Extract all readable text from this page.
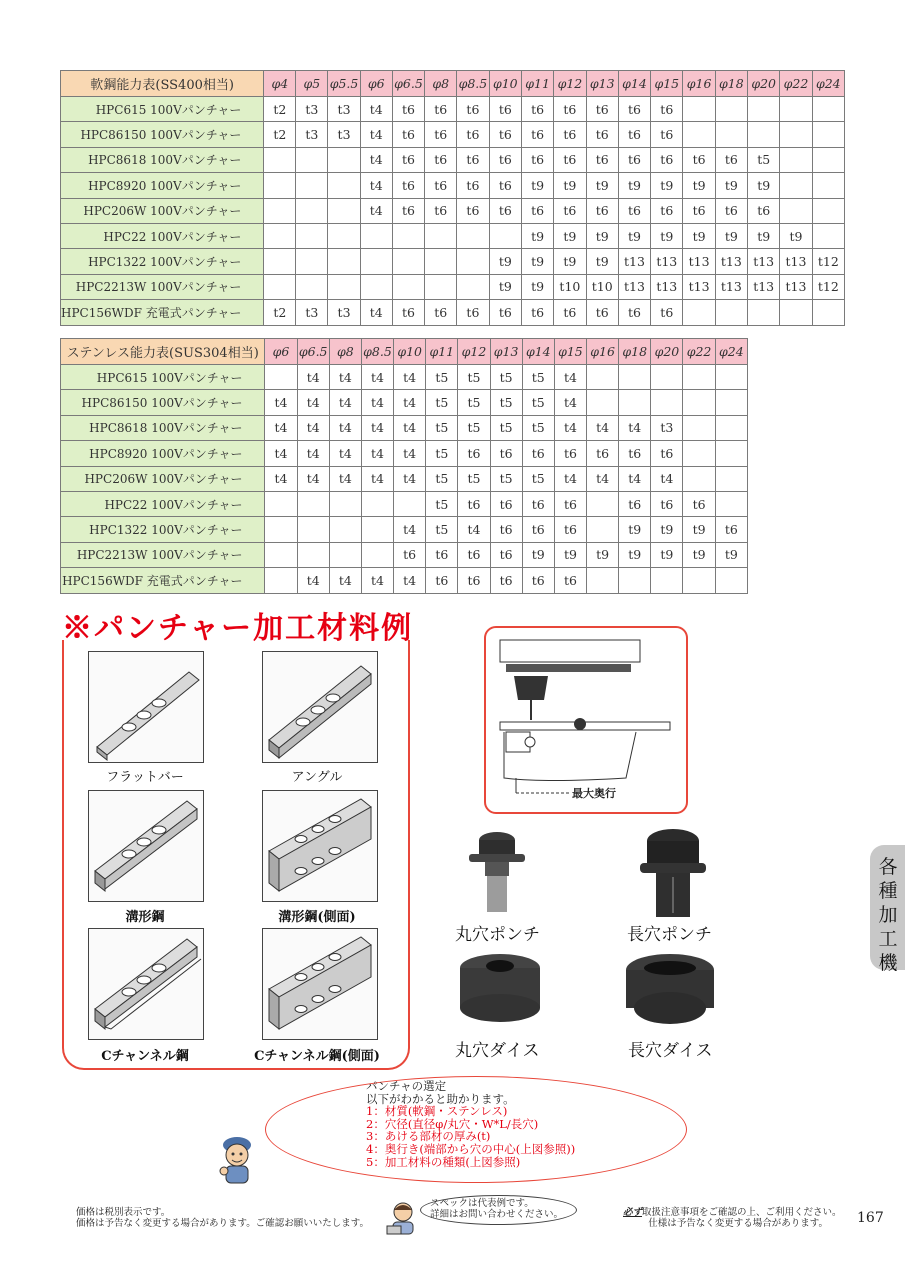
軟鋼能力表(SS400相当)	φ4	φ5	φ5.5	φ6	φ6.5	φ8	φ8.5	φ10	φ11	φ12	φ13	φ14	φ15	φ16	φ18	φ20	φ22	φ24
HPC615 100Vパンチャー	t2	t3	t3	t4	t6	t6	t6	t6	t6	t6	t6	t6	t6					
HPC86150 100Vパンチャー	t2	t3	t3	t4	t6	t6	t6	t6	t6	t6	t6	t6	t6					
HPC8618 100Vパンチャー				t4	t6	t6	t6	t6	t6	t6	t6	t6	t6	t6	t6	t5		
HPC8920 100Vパンチャー				t4	t6	t6	t6	t6	t9	t9	t9	t9	t9	t9	t9	t9		
HPC206W 100Vパンチャー				t4	t6	t6	t6	t6	t6	t6	t6	t6	t6	t6	t6	t6		
HPC22 100Vパンチャー									t9	t9	t9	t9	t9	t9	t9	t9	t9	
HPC1322 100Vパンチャー								t9	t9	t9	t9	t13	t13	t13	t13	t13	t13	t12
HPC2213W 100Vパンチャー								t9	t9	t10	t10	t13	t13	t13	t13	t13	t13	t12
HPC156WDF 充電式パンチャー	t2	t3	t3	t4	t6	t6	t6	t6	t6	t6	t6	t6	t6					
ステンレス能力表(SUS304相当)	φ6	φ6.5	φ8	φ8.5	φ10	φ11	φ12	φ13	φ14	φ15	φ16	φ18	φ20	φ22	φ24
HPC615 100Vパンチャー		t4	t4	t4	t4	t5	t5	t5	t5	t4					
HPC86150 100Vパンチャー	t4	t4	t4	t4	t4	t5	t5	t5	t5	t4					
HPC8618 100Vパンチャー	t4	t4	t4	t4	t4	t5	t5	t5	t5	t4	t4	t4	t3		
HPC8920 100Vパンチャー	t4	t4	t4	t4	t4	t5	t6	t6	t6	t6	t6	t6	t6		
HPC206W 100Vパンチャー	t4	t4	t4	t4	t4	t5	t5	t5	t5	t4	t4	t4	t4		
HPC22 100Vパンチャー						t5	t6	t6	t6	t6		t6	t6	t6	
HPC1322 100Vパンチャー					t4	t5	t4	t6	t6	t6		t9	t9	t9	t6
HPC2213W 100Vパンチャー					t6	t6	t6	t6	t9	t9	t9	t9	t9	t9	t9
HPC156WDF 充電式パンチャー		t4	t4	t4	t4	t6	t6	t6	t6	t6					
※パンチャー加工材料例
フラットバー	アングル
溝形鋼	溝形鋼(側面)
Cチャンネル鋼	Cチャンネル鋼(側面)
最大奥行
丸穴ポンチ	長穴ポンチ
丸穴ダイス	長穴ダイス
各種加工機
パンチャの選定
以下がわかると助かります。
1：材質(軟鋼・ステンレス)
2：穴径(直径φ/丸穴・W*L/長穴)
3：あける部材の厚み(t)
4：奥行き(端部から穴の中心(上図参照))
5：加工材料の種類(上図参照)
価格は税別表示です。
価格は予告なく変更する場合があります。ご確認お願いいたします。
スペックは代表例です。
詳細はお問い合わせください。	必ず取扱注意事項をご確認の上、ご利用ください。
仕様は予告なく変更する場合があります。 167
